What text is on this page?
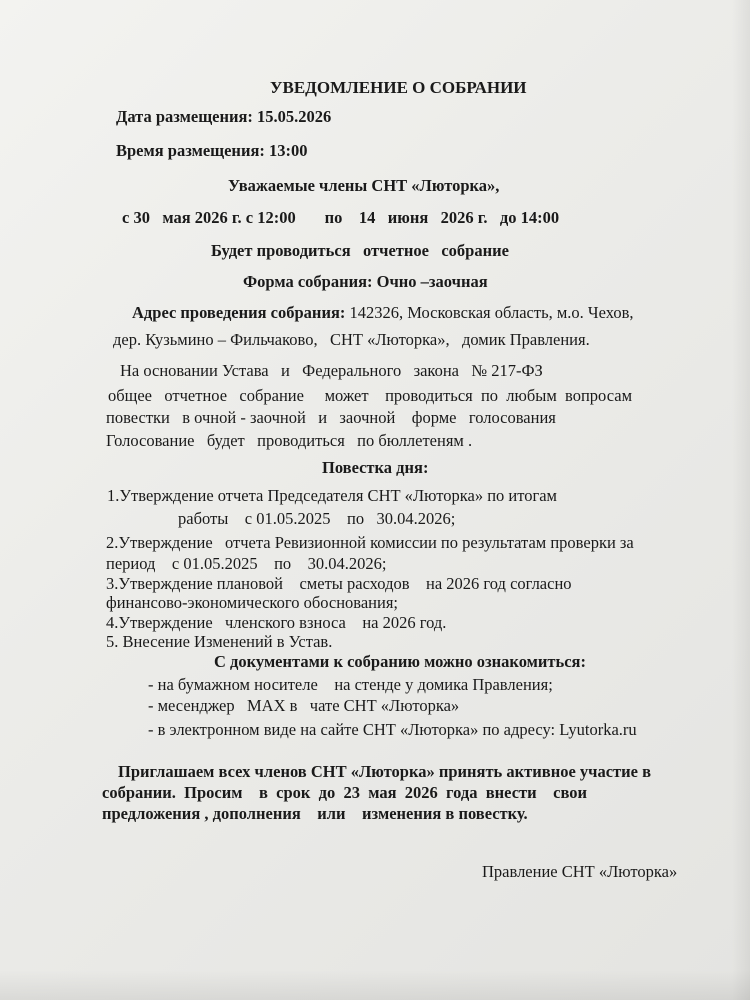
УВЕДОМЛЕНИЕ О СОБРАНИИ
Дата размещения: 15.05.2026
Время размещения: 13:00
Уважаемые члены СНТ «Люторка»,
с 30   мая 2026 г. с 12:00       по    14   июня   2026 г.   до 14:00
Будет проводиться   отчетное   собрание
Форма собрания: Очно –заочная
Адрес проведения собрания: 142326, Московская область, м.о. Чехов,
дер. Кузьмино – Фильчаково,   СНТ «Люторка»,   домик Правления.
На основании Устава   и   Федерального   закона   № 217-ФЗ
общее   отчетное   собрание     может    проводиться  по  любым  вопросам
повестки   в очной - заочной   и   заочной    форме   голосования
Голосование   будет   проводиться   по бюллетеням .
Повестка дня:
1.Утверждение отчета Председателя СНТ «Люторка» по итогам
работы    с 01.05.2025    по   30.04.2026;
2.Утверждение   отчета Ревизионной комиссии по результатам проверки за
период    с 01.05.2025    по    30.04.2026;
3.Утверждение плановой    сметы расходов    на 2026 год согласно
финансово-экономического обоснования;
4.Утверждение   членского взноса    на 2026 год.
5. Внесение Изменений в Устав.
С документами к собранию можно ознакомиться:
- на бумажном носителе    на стенде у домика Правления;
- месенджер   MAX в   чате СНТ «Люторка»
- в электронном виде на сайте СНТ «Люторка» по адресу: Lyutorka.ru
Приглашаем всех членов СНТ «Люторка» принять активное участие в
собрании.  Просим    в  срок  до  23  мая  2026  года  внести    свои
предложения , дополнения    или    изменения в повестку.
Правление СНТ «Люторка»
